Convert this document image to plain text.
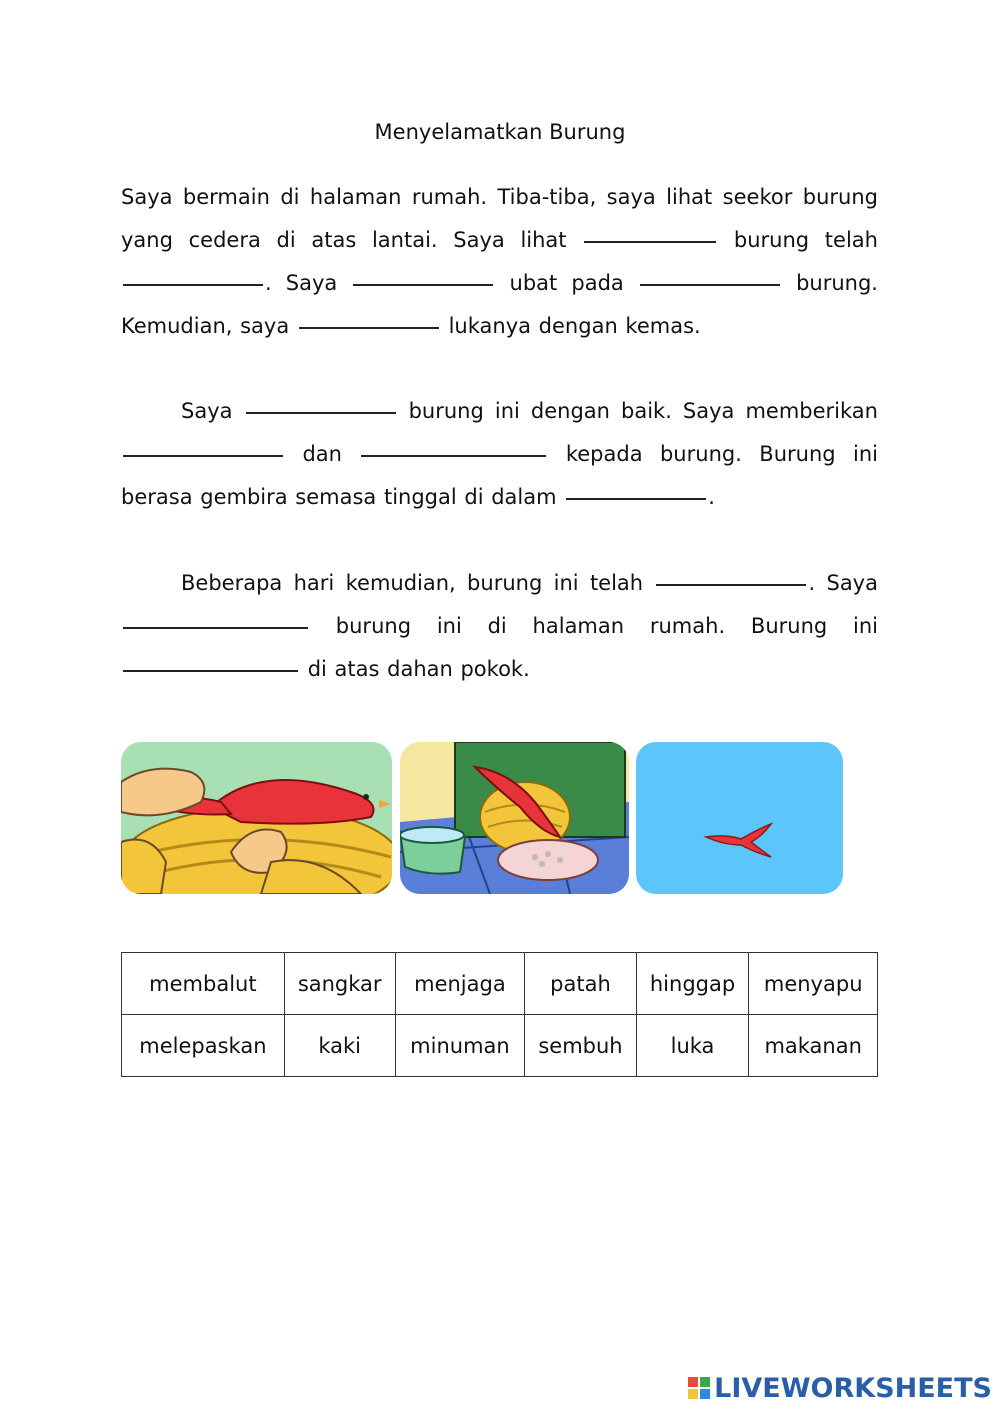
Menyelamatkan Burung

Saya bermain di halaman rumah. Tiba-tiba, saya lihat seekor burung yang cedera di atas lantai. Saya lihat	burung telah . Saya	ubat pada	burung. Kemudian, saya	lukanya dengan kemas.

Saya	burung ini dengan baik. Saya memberikan  dan	kepada burung. Burung ini berasa gembira semasa tinggal di dalam	.

Beberapa hari kemudian, burung ini telah	. Saya  burung ini di halaman rumah. Burung ini  di atas dahan pokok.

membalut	sangkar	menjaga	patah	hinggap	menyapu
melepaskan	kaki	minuman	sembuh	luka	makanan
LIVEWORKSHEETS
